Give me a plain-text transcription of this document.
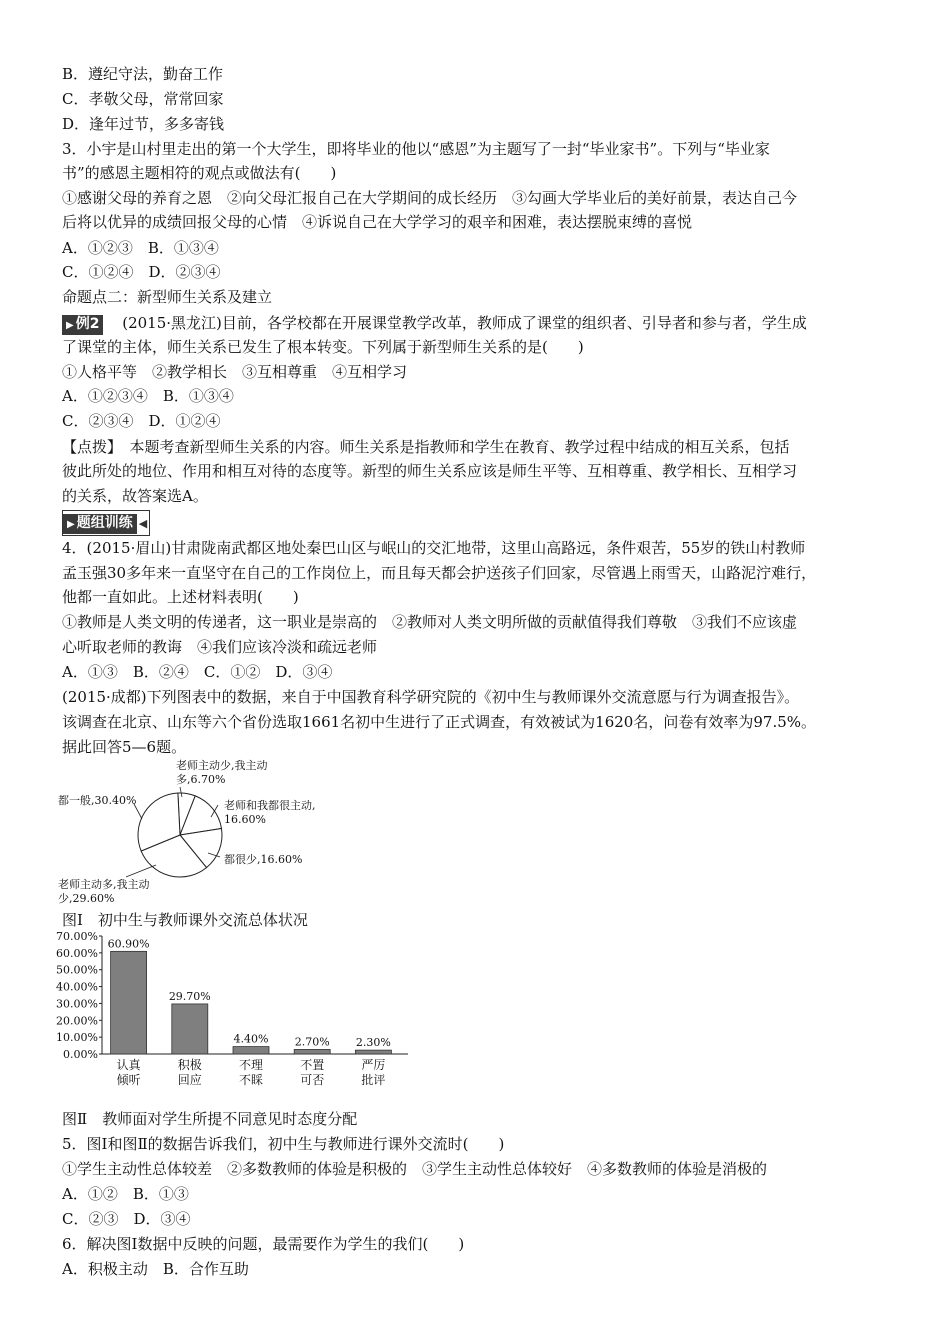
B．遵纪守法，勤奋工作
C．孝敬父母，常常回家
D．逢年过节，多多寄钱
3．小宇是山村里走出的第一个大学生，即将毕业的他以“感恩”为主题写了一封“毕业家书”。下列与“毕业家
书”的感恩主题相符的观点或做法有(　　)
①感谢父母的养育之恩　②向父母汇报自己在大学期间的成长经历　③勾画大学毕业后的美好前景，表达自己今
后将以优异的成绩回报父母的心情　④诉说自己在大学学习的艰辛和困难，表达摆脱束缚的喜悦
A．①②③　B．①③④
C．①②④　D．②③④
命题点二：新型师生关系及建立
▶ 例2 (2015·黑龙江)目前，各学校都在开展课堂教学改革，教师成了课堂的组织者、引导者和参与者，学生成
了课堂的主体，师生关系已发生了根本转变。下列属于新型师生关系的是(　　)
①人格平等　②教学相长　③互相尊重　④互相学习
A．①②③④　B．①③④
C．②③④　D．①②④
【点拨】　本题考查新型师生关系的内容。师生关系是指教师和学生在教育、教学过程中结成的相互关系，包括
彼此所处的地位、作用和相互对待的态度等。新型的师生关系应该是师生平等、互相尊重、教学相长、互相学习
的关系，故答案选A。
▶ 题组训练 ◀
4．(2015·眉山)甘肃陇南武都区地处秦巴山区与岷山的交汇地带，这里山高路远，条件艰苦，55岁的铁山村教师
孟玉强30多年来一直坚守在自己的工作岗位上，而且每天都会护送孩子们回家，尽管遇上雨雪天，山路泥泞难行，
他都一直如此。上述材料表明(　　)
①教师是人类文明的传递者，这一职业是崇高的　②教师对人类文明所做的贡献值得我们尊敬　③我们不应该虚
心听取老师的教诲　④我们应该冷淡和疏远老师
A．①③　B．②④　C．①②　D．③④
(2015·成都)下列图表中的数据，来自于中国教育科学研究院的《初中生与教师课外交流意愿与行为调查报告》。
该调查在北京、山东等六个省份选取1661名初中生进行了正式调查，有效被试为1620名，问卷有效率为97.5%。
据此回答5—6题。
老师主动少,我主动
多,6.70%
老师和我都很主动,
16.60%
都很少,16.60%
老师主动多,我主动
少,29.60%
都一般,30.40%
图Ⅰ　初中生与教师课外交流总体状况
0.00%
10.00%
20.00%
30.00%
40.00%
50.00%
60.00%
70.00%
60.90%
认真
倾听
29.70%
积极
回应
4.40%
不理
不睬
2.70%
不置
可否
2.30%
严厉
批评
图Ⅱ　教师面对学生所提不同意见时态度分配
5．图Ⅰ和图Ⅱ的数据告诉我们，初中生与教师进行课外交流时(　　)
①学生主动性总体较差　②多数教师的体验是积极的　③学生主动性总体较好　④多数教师的体验是消极的
A．①②　B．①③
C．②③　D．③④
6．解决图Ⅰ数据中反映的问题，最需要作为学生的我们(　　)
A．积极主动　B．合作互助
